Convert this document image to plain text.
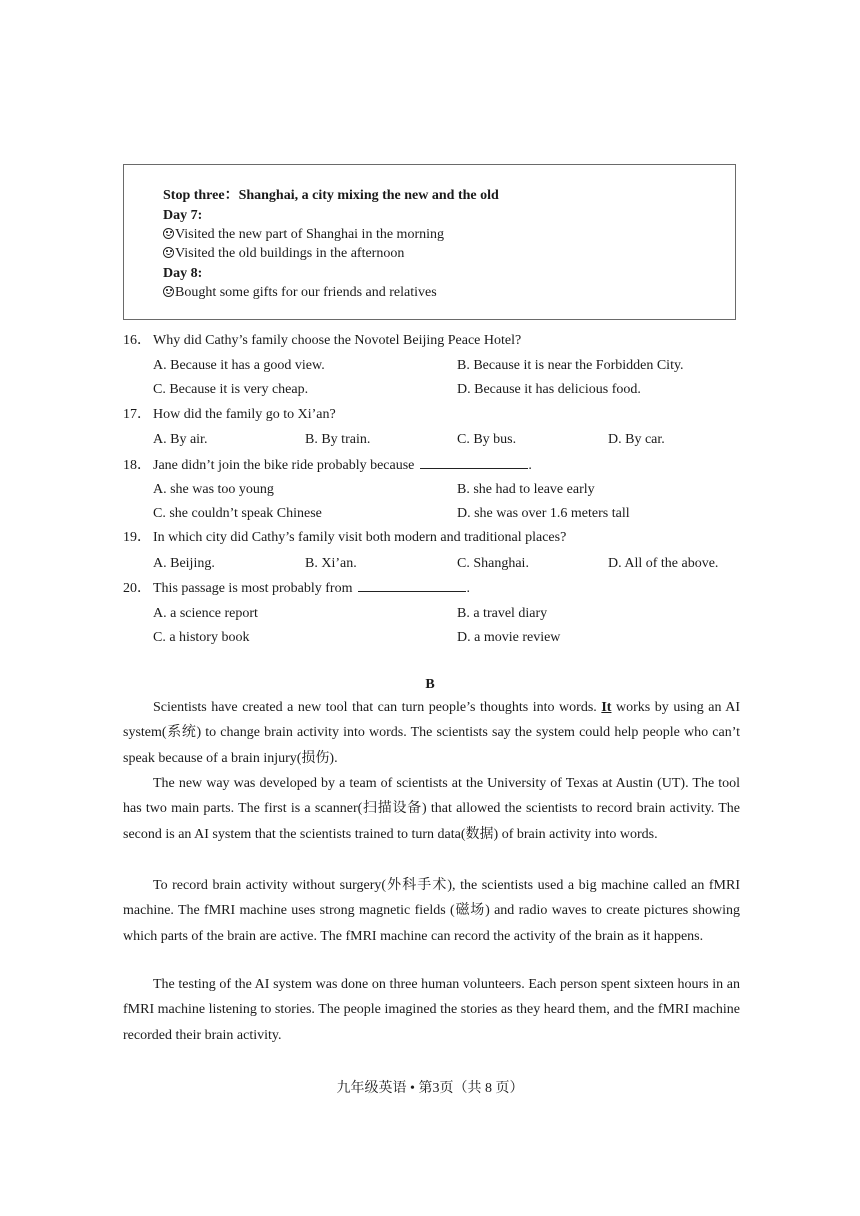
Stop three：Shanghai, a city mixing the new and the old
Day 7:
Visited the new part of Shanghai in the morning
Visited the old buildings in the afternoon
Day 8:
Bought some gifts for our friends and relatives
16． Why did Cathy’s family choose the Novotel Beijing Peace Hotel?
A. Because it has a good view.	B. Because it is near the Forbidden City.
C. Because it is very cheap.	D. Because it has delicious food.
17． How did the family go to Xi’an?
A. By air.	B. By train.	C. By bus.	D. By car.
18． Jane didn’t join the bike ride probably because	.
A. she was too young	B. she had to leave early
C. she couldn’t speak Chinese	D. she was over 1.6 meters tall
19． In which city did Cathy’s family visit both modern and traditional places?
A. Beijing.	B. Xi’an.	C. Shanghai.	D. All of the above.
20． This passage is most probably from	.
A. a science report	B. a travel diary
C. a history book	D. a movie review
B

Scientists have created a new tool that can turn people’s thoughts into words. It works by using an AI system(系统) to change brain activity into words. The scientists say the system could help people who can’t speak because of a brain injury(损伤).

The new way was developed by a team of scientists at the University of Texas at Austin (UT). The tool has two main parts. The first is a scanner(扫描设备) that allowed the scientists to record brain activity. The second is an AI system that the scientists trained to turn data(数据) of brain activity into words.

To record brain activity without surgery(外科手术), the scientists used a big machine called an fMRI machine. The fMRI machine uses strong magnetic fields (磁场) and radio waves to create pictures showing which parts of the brain are active. The fMRI machine can record the activity of the brain as it happens.

The testing of the AI system was done on three human volunteers. Each person spent sixteen hours in an fMRI machine listening to stories. The people imagined the stories as they heard them, and the fMRI machine recorded their brain activity.

九年级英语 • 第3页（共 8 页）
